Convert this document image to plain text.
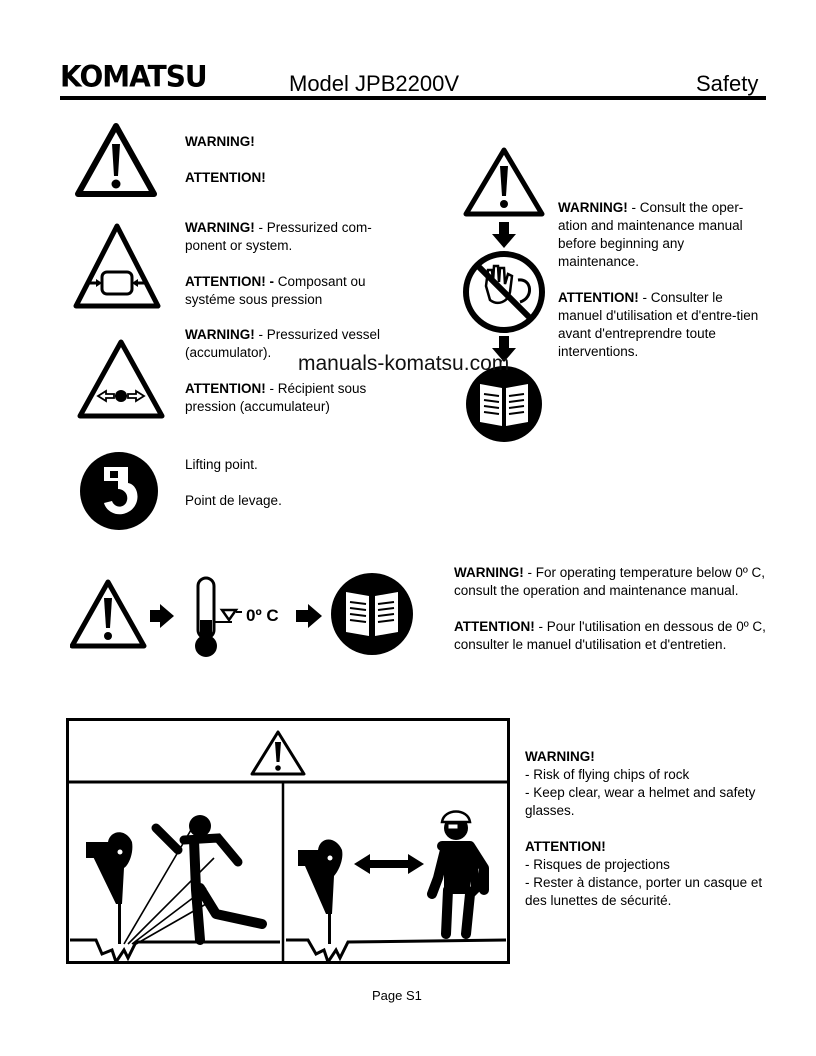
KOMATSU	Model JPB2200V	Safety

WARNING!

ATTENTION!

WARNING! - Pressurized com-ponent or system.

ATTENTION! - Composant ou systéme sous pression

WARNING! - Pressurized vessel (accumulator).

ATTENTION! - Récipient sous pression (accumulateur)

Lifting point.

Point de levage.

manuals-komatsu.com

WARNING! - Consult the oper-ation and maintenance manual before beginning any maintenance.

ATTENTION! - Consulter le manuel d'utilisation et d'entre-tien avant d'entreprendre toute interventions.

0º C

WARNING! - For operating temperature below 0º C, consult the operation and maintenance manual.

ATTENTION! - Pour l'utilisation en dessous de 0º C, consulter le manuel d'utilisation et d'entretien.

WARNING!

- Risk of flying chips of rock

- Keep clear, wear a helmet and safety glasses.

ATTENTION!

- Risques de projections

- Rester à distance, porter un casque et des lunettes de sécurité.

Page S1
